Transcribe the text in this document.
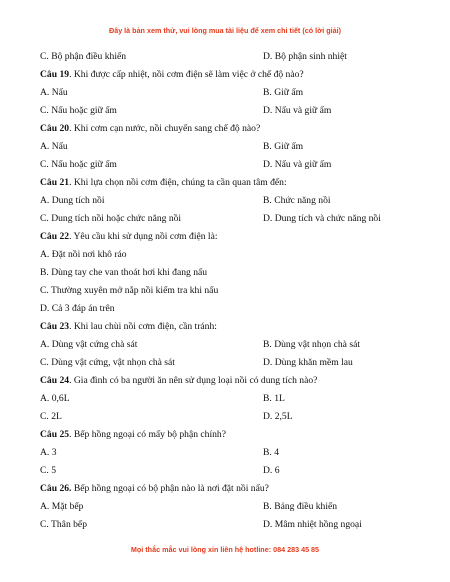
Đây là bản xem thử, vui lòng mua tài liệu để xem chi tiết (có lời giải)
C. Bộ phận điều khiển	D. Bộ phận sinh nhiệt
Câu 19. Khi được cấp nhiệt, nồi cơm điện sẽ làm việc ở chế độ nào?
A. Nấu	B. Giữ ấm
C. Nấu hoặc giữ ấm	D. Nấu và giữ ấm
Câu 20. Khi cơm cạn nước, nồi chuyển sang chế độ nào?
A. Nấu	B. Giữ ấm
C. Nấu hoặc giữ ấm	D. Nấu và giữ ấm
Câu 21. Khi lựa chọn nồi cơm điện, chúng ta cần quan tâm đến:
A. Dung tích nồi	B. Chức năng nồi
C. Dung tích nồi hoặc chức năng nồi	D. Dung tích và chức năng nồi
Câu 22. Yêu cầu khi sử dụng nồi cơm điện là:
A. Đặt nồi nơi khô ráo
B. Dùng tay che van thoát hơi khi đang nấu
C. Thường xuyên mở nắp nồi kiểm tra khi nấu
D. Cả 3 đáp án trên
Câu 23. Khi lau chùi nồi cơm điện, cần tránh:
A. Dùng vật cứng chà sát	B. Dùng vật nhọn chà sát
C. Dùng vật cứng, vật nhọn chà sát	D. Dùng khăn mềm lau
Câu 24. Gia đình có ba người ăn nên sử dụng loại nồi có dung tích nào?
A. 0,6L	B. 1L
C. 2L	D. 2,5L
Câu 25. Bếp hồng ngoại có mấy bộ phận chính?
A. 3	B. 4
C. 5	D. 6
Câu 26. Bếp hồng ngoại có bộ phận nào là nơi đặt nồi nấu?
A. Mặt bếp	B. Bảng điều khiển
C. Thân bếp	D. Mâm nhiệt hồng ngoại
Mọi thắc mắc vui lòng xin liên hệ hotline: 084 283 45 85
